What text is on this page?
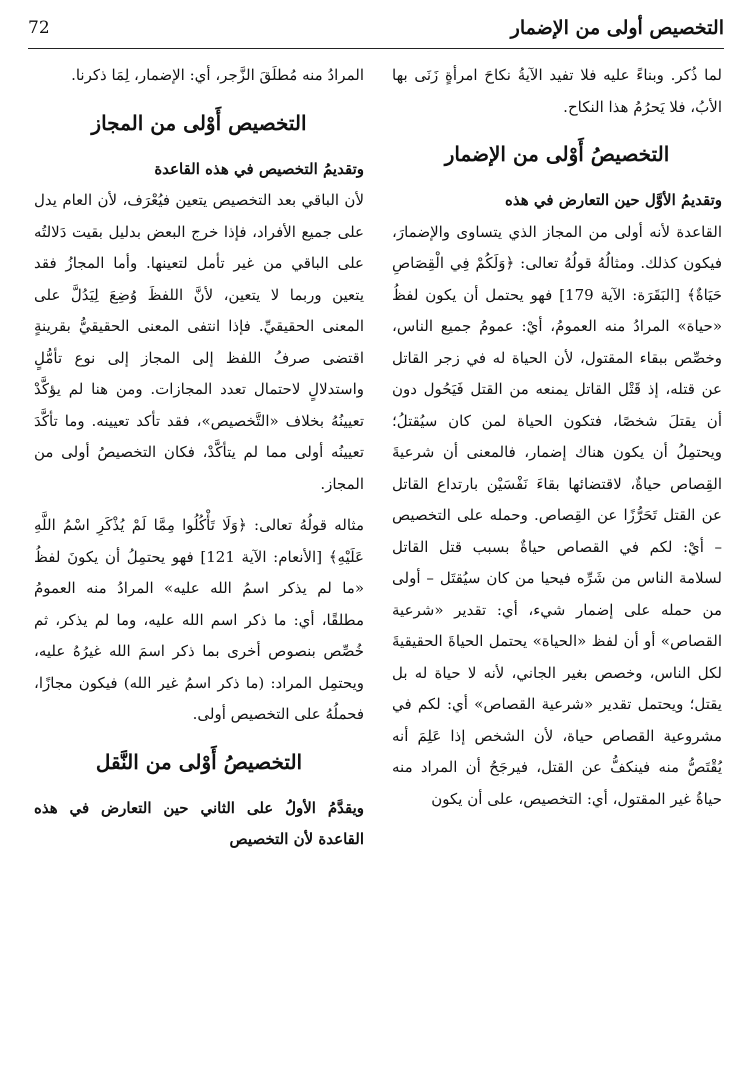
التخصيص أولى من الإضمار
72

لما ذُكر. وبناءً عليه فلا تفيد الآيةُ نكاحَ امرأةٍ زَنَى بها الأبُ، فلا يَحرُمُ هذا النكاح.

التخصيصُ أَوْلى من الإضمار

وتقديمُ الأوَّل حين التعارض في هذه

القاعدة لأنه أولى من المجاز الذي يتساوى والإضمارَ، فيكون كذلك. ومثالُهُ قولُهُ تعالى: ﴿وَلَكُمْ فِي الْقِصَاصِ حَيَاةٌ﴾ [البَقَرَة: الآية 179] فهو يحتمل أن يكون لفظُ «حياة» المرادُ منه العمومُ، أيْ: عمومُ جميع الناس، وخصِّص ببقاء المقتول، لأن الحياة له في زجر القاتل عن قتله، إذ قَتْل القاتل يمنعه من القتل فَيَحُول دون أن يقتلَ شخصًا، فتكون الحياة لمن كان سيُقتلُ؛ ويحتمِلُ أن يكون هناك إضمار، فالمعنى أن شرعيةَ القِصاص حياةٌ، لاقتضائها بقاءَ نَفْسَيْن بارتداع القاتل عن القتل تَحَرُّزًا عن القِصاص. وحمله على التخصيص – أيْ: لكم في القصاص حياةٌ بسبب قتل القاتل لسلامة الناس من شَرِّه فيحيا من كان سيُقتَل – أولى من حمله على إضمار شيء، أي: تقدير «شرعية القصاص» أو أن لفظ «الحياة» يحتمل الحياةَ الحقيقيةَ لكل الناس، وخصص بغير الجاني، لأنه لا حياة له بل يقتل؛ ويحتمل تقدير «شرعية القصاص» أي: لكم في مشروعية القصاص حياة، لأن الشخص إذا عَلِمَ أنه يُقْتَصُّ منه فينكفُّ عن القتل، فيرجَحُ أن المراد منه حياةُ غير المقتول، أي: التخصيص، على أن يكون

المرادُ منه مُطلَقَ الزَّجر، أي: الإضمار، لِمَا ذكرنا.

التخصيص أَوْلى من المجاز

وتقديمُ التخصيص في هذه القاعدة

لأن الباقي بعد التخصيص يتعين فيُعْرَف، لأن العام يدل على جميع الأفراد، فإذا خرج البعض بدليل بقيت دَلالتُه على الباقي من غير تأمل لتعينها. وأما المجازُ فقد يتعين وربما لا يتعين، لأنَّ اللفظَ وُضِعَ لِيَدُلَّ على المعنى الحقيقيِّ. فإذا انتفى المعنى الحقيقيُّ بقرينةٍ اقتضى صرفُ اللفظ إلى المجاز إلى نوع تأمُّلٍ واستدلالٍ لاحتمال تعدد المجازات. ومن هنا لم يؤكَّدْ تعيينُهُ بخلاف «التَّخصيص»، فقد تأكد تعيينه. وما تأكَّدَ تعيينُه أولى مما لم يتأكَّدْ، فكان التخصيصُ أولى من المجاز.

مثاله قولُهُ تعالى: ﴿وَلَا تَأْكُلُوا مِمَّا لَمْ يُذْكَرِ اسْمُ اللَّهِ عَلَيْهِ﴾ [الأنعام: الآية 121] فهو يحتمِلُ أن يكونَ لفظُ «ما لم يذكر اسمُ الله عليه» المرادُ منه العمومُ مطلقًا، أي: ما ذكر اسم الله عليه، وما لم يذكر، ثم خُصِّص بنصوص أخرى بما ذكر اسمَ الله غيرُهُ عليه، ويحتمِل المراد: (ما ذكر اسمُ غير الله) فيكون مجازًا، فحملُهُ على التخصيص أولى.

التخصيصُ أَوْلى من النَّقل

ويقدَّمُ الأولُ على الثاني حين التعارض في هذه القاعدة لأن التخصيص
